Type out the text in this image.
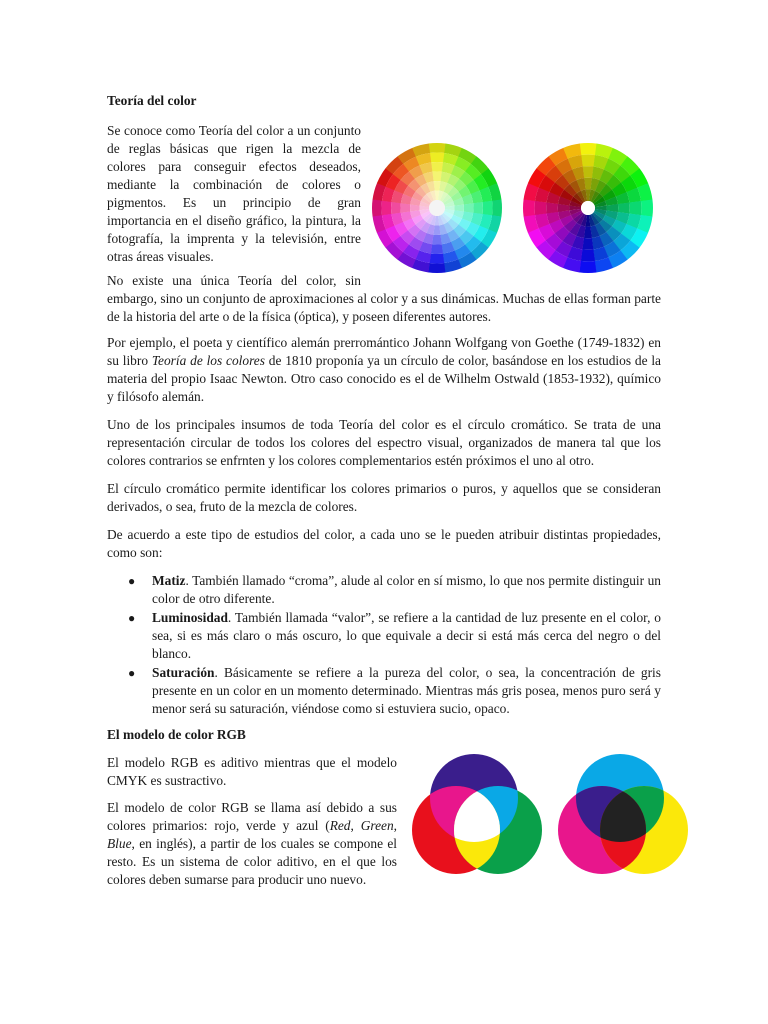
Teoría del color

Se conoce como Teoría del color a un conjunto de reglas básicas que rigen la mezcla de colores para conseguir efectos deseados, mediante la combinación de colores o pigmentos. Es un principio de gran importancia en el diseño gráfico, la pintura, la fotografía, la imprenta y la televisión, entre otras áreas visuales.

No existe una única Teoría del color, sin

embargo, sino un conjunto de aproximaciones al color y a sus dinámicas. Muchas de ellas forman parte de la historia del arte o de la física (óptica), y poseen diferentes autores.

Por ejemplo, el poeta y científico alemán prerromántico Johann Wolfgang von Goethe (1749-1832) en su libro Teoría de los colores de 1810 proponía ya un círculo de color, basándose en los estudios de la materia del propio Isaac Newton. Otro caso conocido es el de Wilhelm Ostwald (1853-1932), químico y filósofo alemán.

Uno de los principales insumos de toda Teoría del color es el círculo cromático. Se trata de una representación circular de todos los colores del espectro visual, organizados de manera tal que los colores contrarios se enfrnten y los colores complementarios estén próximos el uno al otro.

El círculo cromático permite identificar los colores primarios o puros, y aquellos que se consideran derivados, o sea, fruto de la mezcla de colores.

De acuerdo a este tipo de estudios del color, a cada uno se le pueden atribuir distintas propiedades, como son:

● Matiz. También llamado “croma”, alude al color en sí mismo, lo que nos permite distinguir un color de otro diferente.
● Luminosidad. También llamada “valor”, se refiere a la cantidad de luz presente en el color, o sea, si es más claro o más oscuro, lo que equivale a decir si está más cerca del negro o del blanco.
● Saturación. Básicamente se refiere a la pureza del color, o sea, la concentración de gris presente en un color en un momento determinado. Mientras más gris posea, menos puro será y menor será su saturación, viéndose como si estuviera sucio, opaco.
El modelo de color RGB

El modelo RGB es aditivo mientras que el modelo CMYK es sustractivo.

El modelo de color RGB se llama así debido a sus colores primarios: rojo, verde y azul (Red, Green, Blue, en inglés), a partir de los cuales se compone el resto. Es un sistema de color aditivo, en el que los colores deben sumarse para producir uno nuevo.
